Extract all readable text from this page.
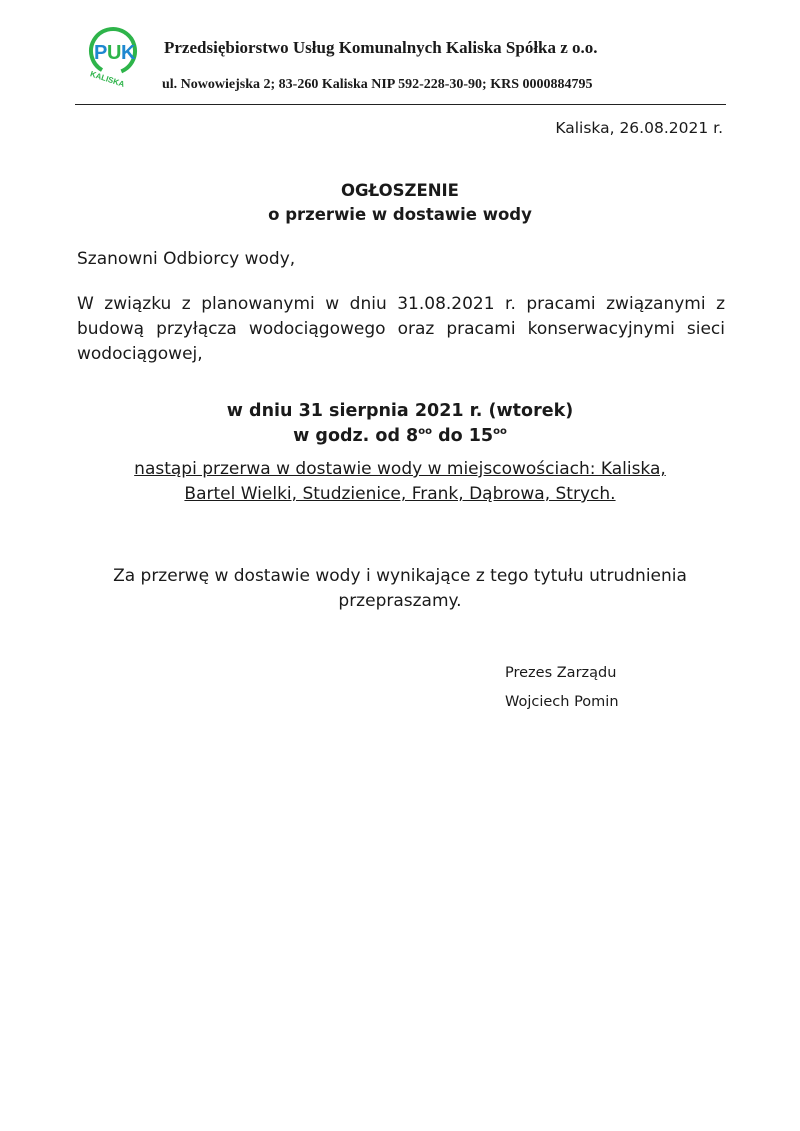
P U K
KALISKA
Przedsiębiorstwo Usług Komunalnych Kaliska Spółka z o.o.
ul. Nowowiejska 2; 83-260 Kaliska NIP 592-228-30-90; KRS 0000884795
Kaliska, 26.08.2021 r.
OGŁOSZENIE
o przerwie w dostawie wody
Szanowni Odbiorcy wody,
W związku z planowanymi w dniu 31.08.2021 r. pracami związanymi z budową przyłącza wodociągowego oraz pracami konserwacyjnymi sieci wodociągowej,
w dniu 31 sierpnia 2021 r. (wtorek)
w godz. od $8^{oo}$ do $15^{oo}$
nastąpi przerwa w dostawie wody w miejscowościach: Kaliska,
Bartel Wielki, Studzienice, Frank, Dąbrowa, Strych.
Za przerwę w dostawie wody i wynikające z tego tytułu utrudnienia
przepraszamy.
Prezes Zarządu
Wojciech Pomin
